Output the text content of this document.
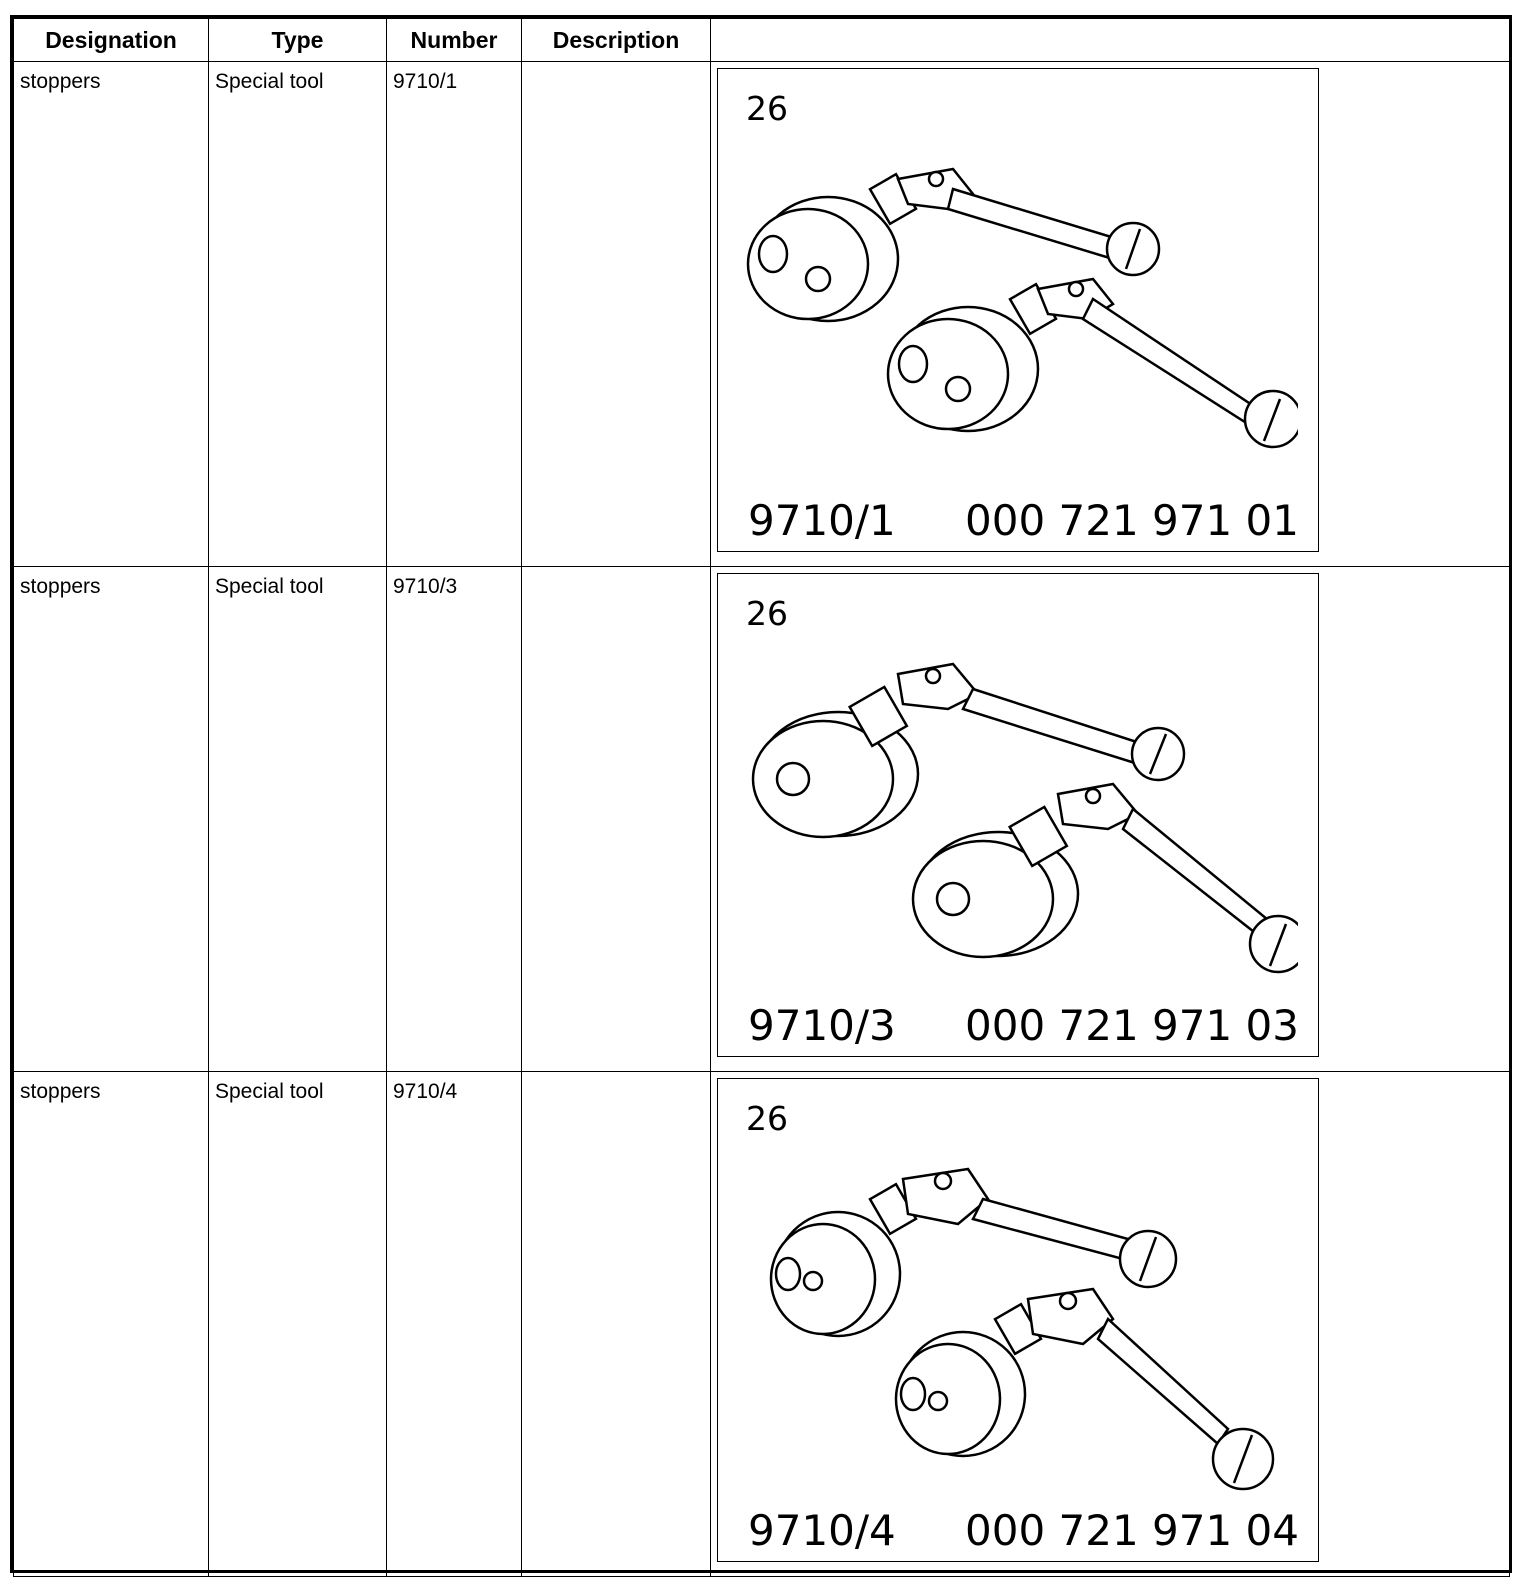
Designation	Type	Number	Description	
stoppers	Special tool	9710/1		26
9710/1 000 721 971 01

stoppers	Special tool	9710/3		26
9710/3 000 721 971 03

stoppers	Special tool	9710/4		26
9710/4 000 721 971 04
